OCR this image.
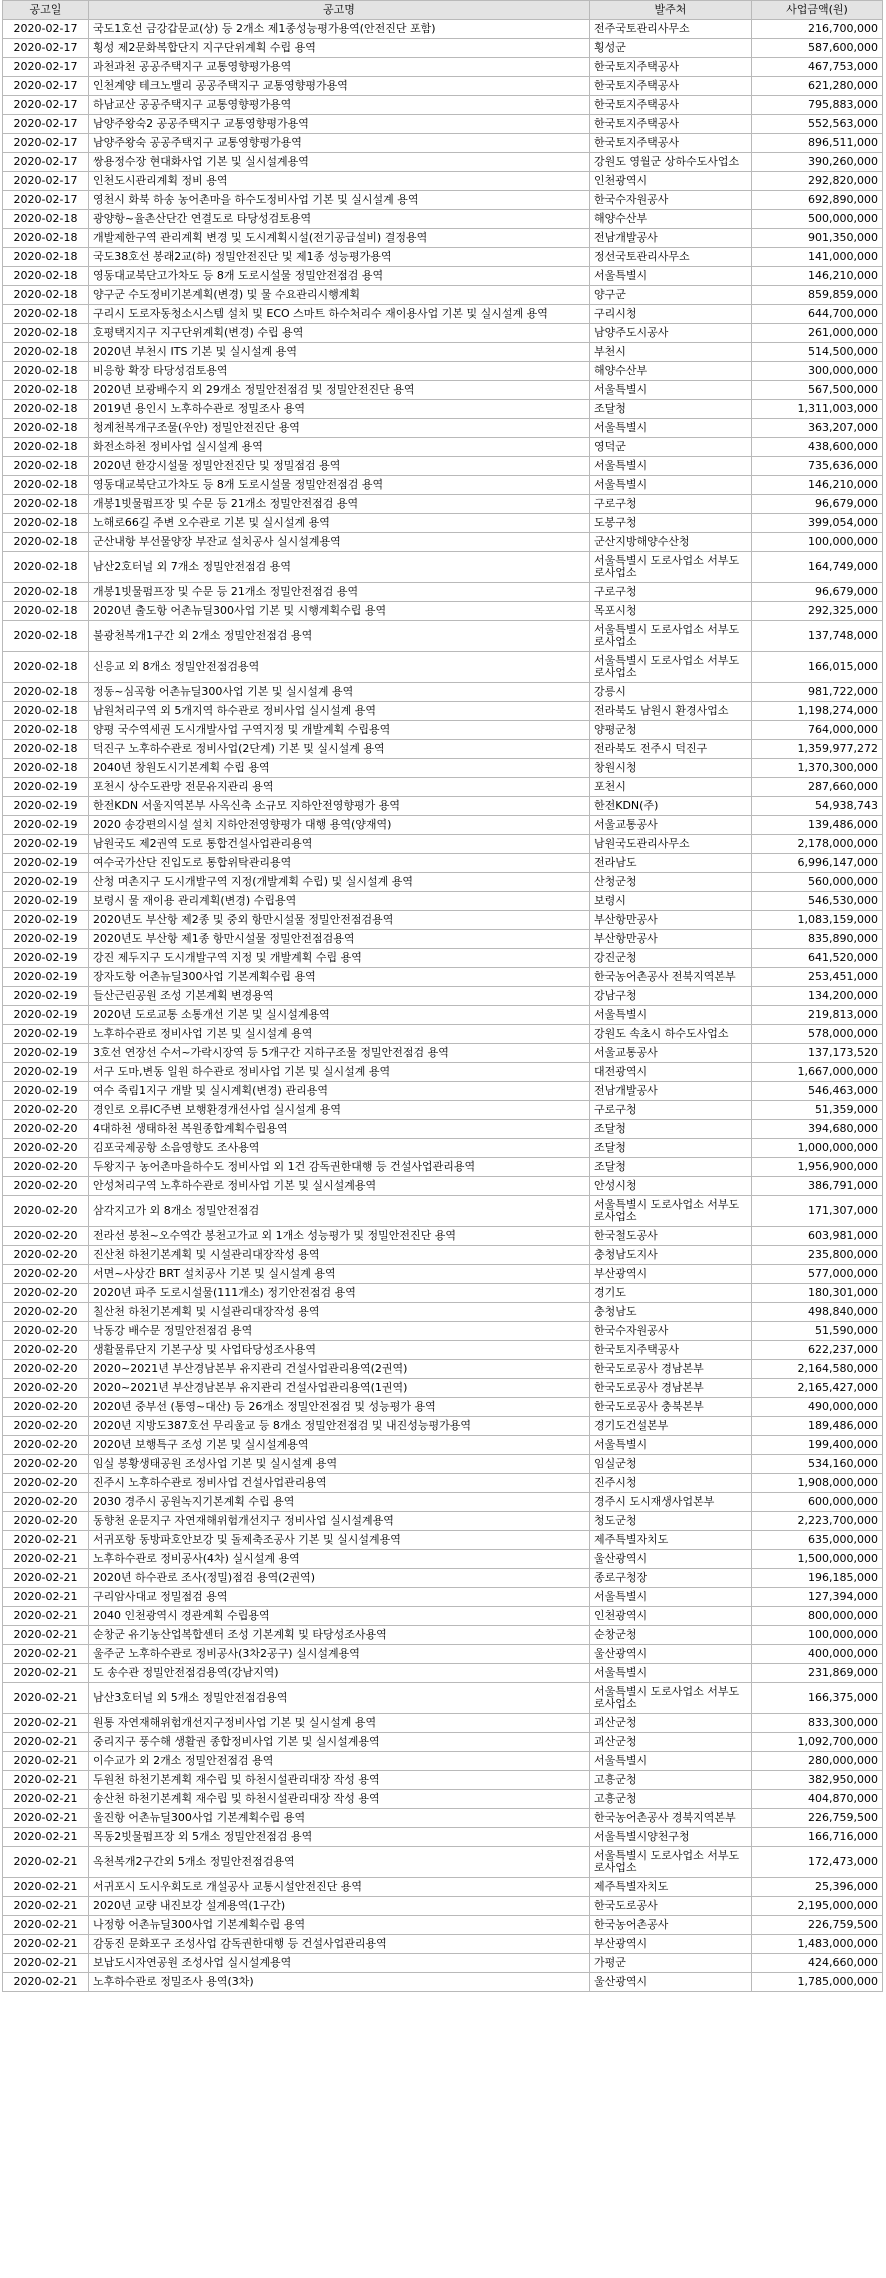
공고일	공고명	발주처	사업금액(원)
2020-02-17	국도1호선 금강갑문교(상) 등 2개소 제1종성능평가용역(안전진단 포함)	전주국토관리사무소	216,700,000
2020-02-17	횡성 제2문화복합단지 지구단위계획 수립 용역	횡성군	587,600,000
2020-02-17	과천과천 공공주택지구 교통영향평가용역	한국토지주택공사	467,753,000
2020-02-17	인천계양 테크노밸리 공공주택지구 교통영향평가용역	한국토지주택공사	621,280,000
2020-02-17	하남교산 공공주택지구 교통영향평가용역	한국토지주택공사	795,883,000
2020-02-17	남양주왕숙2 공공주택지구 교통영향평가용역	한국토지주택공사	552,563,000
2020-02-17	남양주왕숙 공공주택지구 교통영향평가용역	한국토지주택공사	896,511,000
2020-02-17	쌍용정수장 현대화사업 기본 및 실시설계용역	강원도 영월군 상하수도사업소	390,260,000
2020-02-17	인천도시관리계획 정비 용역	인천광역시	292,820,000
2020-02-17	영천시 화북 하송 농어촌마을 하수도정비사업 기본 및 실시설계 용역	한국수자원공사	692,890,000
2020-02-18	광양항~율촌산단간 연결도로 타당성검토용역	해양수산부	500,000,000
2020-02-18	개발제한구역 관리계획 변경 및 도시계획시설(전기공급설비) 결정용역	전남개발공사	901,350,000
2020-02-18	국도38호선 봉래2교(하) 정밀안전진단 및 제1종 성능평가용역	정선국토관리사무소	141,000,000
2020-02-18	영동대교북단고가차도 등 8개 도로시설물 정밀안전점검 용역	서울특별시	146,210,000
2020-02-18	양구군 수도정비기본계획(변경) 및 물 수요관리시행계획	양구군	859,859,000
2020-02-18	구리시 도로자동청소시스템 설치 및 ECO 스마트 하수처리수 재이용사업 기본 및 실시설계 용역	구리시청	644,700,000
2020-02-18	호평택지지구 지구단위계획(변경) 수립 용역	남양주도시공사	261,000,000
2020-02-18	2020년 부천시 ITS 기본 및 실시설계 용역	부천시	514,500,000
2020-02-18	비응항 확장 타당성검토용역	해양수산부	300,000,000
2020-02-18	2020년 보광배수지 외 29개소 정밀안전점검 및 정밀안전진단 용역	서울특별시	567,500,000
2020-02-18	2019년 용인시 노후하수관로 정밀조사 용역	조달청	1,311,003,000
2020-02-18	청계천복개구조물(우안) 정밀안전진단 용역	서울특별시	363,207,000
2020-02-18	화전소하천 정비사업 실시설계 용역	영덕군	438,600,000
2020-02-18	2020년 한강시설물 정밀안전진단 및 정밀점검 용역	서울특별시	735,636,000
2020-02-18	영동대교북단고가차도 등 8개 도로시설물 정밀안전점검 용역	서울특별시	146,210,000
2020-02-18	개봉1빗물펌프장 및 수문 등 21개소 정밀안전점검 용역	구로구청	96,679,000
2020-02-18	노해로66길 주변 오수관로 기본 및 실시설계 용역	도봉구청	399,054,000
2020-02-18	군산내항 부선물양장 부잔교 설치공사 실시설계용역	군산지방해양수산청	100,000,000
2020-02-18	남산2호터널 외 7개소 정밀안전점검 용역	서울특별시 도로사업소 서부도로사업소	164,749,000
2020-02-18	개봉1빗물펌프장 및 수문 등 21개소 정밀안전점검 용역	구로구청	96,679,000
2020-02-18	2020년 출도항 어촌뉴딜300사업 기본 및 시행계획수립 용역	목포시청	292,325,000
2020-02-18	불광천복개1구간 외 2개소 정밀안전점검 용역	서울특별시 도로사업소 서부도로사업소	137,748,000
2020-02-18	신응교 외 8개소 정밀안전점검용역	서울특별시 도로사업소 서부도로사업소	166,015,000
2020-02-18	정동~심곡항 어촌뉴딜300사업 기본 및 실시설계 용역	강릉시	981,722,000
2020-02-18	남원처리구역 외 5개지역 하수관로 정비사업 실시설계 용역	전라북도 남원시 환경사업소	1,198,274,000
2020-02-18	양평 국수역세권 도시개발사업 구역지정 및 개발계획 수립용역	양평군청	764,000,000
2020-02-18	덕진구 노후하수관로 정비사업(2단계) 기본 및 실시설계 용역	전라북도 전주시 덕진구	1,359,977,272
2020-02-18	2040년 창원도시기본계획 수립 용역	창원시청	1,370,300,000
2020-02-19	포천시 상수도관망 전문유지관리 용역	포천시	287,660,000
2020-02-19	한전KDN 서울지역본부 사옥신축 소규모 지하안전영향평가 용역	한전KDN(주)	54,938,743
2020-02-19	2020 송강편의시설 설치 지하안전영향평가 대행 용역(양재역)	서울교통공사	139,486,000
2020-02-19	남원국도 제2권역 도로 통합건설사업관리용역	남원국도관리사무소	2,178,000,000
2020-02-19	여수국가산단 진입도로 통합위탁관리용역	전라남도	6,996,147,000
2020-02-19	산청 며촌지구 도시개발구역 지정(개발계획 수립) 및 실시설계 용역	산청군청	560,000,000
2020-02-19	보령시 물 재이용 관리계획(변경) 수립용역	보령시	546,530,000
2020-02-19	2020년도 부산항 제2종 및 중외 항만시설물 정밀안전점검용역	부산항만공사	1,083,159,000
2020-02-19	2020년도 부산항 제1종 항만시설물 정밀안전점검용역	부산항만공사	835,890,000
2020-02-19	강진 제두지구 도시개발구역 지정 및 개발계획 수립 용역	강진군청	641,520,000
2020-02-19	장자도항 어촌뉴딜300사업 기본계획수립 용역	한국농어촌공사 전북지역본부	253,451,000
2020-02-19	들산근린공원 조성 기본계획 변경용역	강남구청	134,200,000
2020-02-19	2020년 도로교통 소통개선 기본 및 실시설계용역	서울특별시	219,813,000
2020-02-19	노후하수관로 정비사업 기본 및 실시설계 용역	강원도 속초시 하수도사업소	578,000,000
2020-02-19	3호선 연장선 수서~가락시장역 등 5개구간 지하구조물 정밀안전점검 용역	서울교통공사	137,173,520
2020-02-19	서구 도마,변동 일원 하수관로 정비사업 기본 및 실시설계 용역	대전광역시	1,667,000,000
2020-02-19	여수 죽림1지구 개발 및 실시계획(변경) 관리용역	전남개발공사	546,463,000
2020-02-20	경인로 오류IC주변 보행환경개선사업 실시설계 용역	구로구청	51,359,000
2020-02-20	4대하천 생태하천 복원종합계획수립용역	조달청	394,680,000
2020-02-20	김포국제공항 소음영향도 조사용역	조달청	1,000,000,000
2020-02-20	두왕지구 농어촌마을하수도 정비사업 외 1건 감독권한대행 등 건설사업관리용역	조달청	1,956,900,000
2020-02-20	안성처리구역 노후하수관로 정비사업 기본 및 실시설계용역	안성시청	386,791,000
2020-02-20	삼각지고가 외 8개소 정밀안전점검	서울특별시 도로사업소 서부도로사업소	171,307,000
2020-02-20	전라선 봉천~오수역간 봉천고가교 외 1개소 성능평가 및 정밀안전진단 용역	한국철도공사	603,981,000
2020-02-20	진산천 하천기본계획 및 시설관리대장작성 용역	충청남도지사	235,800,000
2020-02-20	서면~사상간 BRT 설치공사 기본 및 실시설계 용역	부산광역시	577,000,000
2020-02-20	2020년 파주 도로시설물(111개소) 정기안전점검 용역	경기도	180,301,000
2020-02-20	칠산천 하천기본계획 및 시설관리대장작성 용역	충청남도	498,840,000
2020-02-20	낙동강 배수문 정밀안전점검 용역	한국수자원공사	51,590,000
2020-02-20	생활물류단지 기본구상 및 사업타당성조사용역	한국토지주택공사	622,237,000
2020-02-20	2020~2021년 부산경남본부 유지관리 건설사업관리용역(2권역)	한국도로공사 경남본부	2,164,580,000
2020-02-20	2020~2021년 부산경남본부 유지관리 건설사업관리용역(1권역)	한국도로공사 경남본부	2,165,427,000
2020-02-20	2020년 중부선 (통영~대산) 등 26개소 정밀안전점검 및 성능평가 용역	한국도로공사 충북본부	490,000,000
2020-02-20	2020년 지방도387호선 무리울교 등 8개소 정밀안전점검 및 내진성능평가용역	경기도건설본부	189,486,000
2020-02-20	2020년 보행특구 조성 기본 및 실시설계용역	서울특별시	199,400,000
2020-02-20	임실 봉황생태공원 조성사업 기본 및 실시설계 용역	임실군청	534,160,000
2020-02-20	진주시 노후하수관로 정비사업 건설사업관리용역	진주시청	1,908,000,000
2020-02-20	2030 경주시 공원녹지기본계획 수립 용역	경주시 도시재생사업본부	600,000,000
2020-02-20	동향천 운문지구 자연재해위험개선지구 정비사업 실시설계용역	청도군청	2,223,700,000
2020-02-21	서귀포항 동방파호안보강 및 돌제축조공사 기본 및 실시설계용역	제주특별자치도	635,000,000
2020-02-21	노후하수관로 정비공사(4차) 실시설계 용역	울산광역시	1,500,000,000
2020-02-21	2020년 하수관로 조사(정밀)점검 용역(2권역)	종로구청장	196,185,000
2020-02-21	구리암사대교 정밀점검 용역	서울특별시	127,394,000
2020-02-21	2040 인천광역시 경관계획 수립용역	인천광역시	800,000,000
2020-02-21	순창군 유기농산업복합센터 조성 기본계획 및 타당성조사용역	순창군청	100,000,000
2020-02-21	울주군 노후하수관로 정비공사(3차2공구) 실시설계용역	울산광역시	400,000,000
2020-02-21	도 송수관 정밀안전점검용역(강남지역)	서울특별시	231,869,000
2020-02-21	남산3호터널 외 5개소 정밀안전점검용역	서울특별시 도로사업소 서부도로사업소	166,375,000
2020-02-21	원통 자연재해위험개선지구정비사업 기본 및 실시설계 용역	괴산군청	833,300,000
2020-02-21	중리지구 풍수해 생활권 종합정비사업 기본 및 실시설계용역	괴산군청	1,092,700,000
2020-02-21	이수교가 외 2개소 정밀안전점검 용역	서울특별시	280,000,000
2020-02-21	두원천 하천기본계획 재수립 및 하천시설관리대장 작성 용역	고흥군청	382,950,000
2020-02-21	송산천 하천기본계획 재수립 및 하천시설관리대장 작성 용역	고흥군청	404,870,000
2020-02-21	울진항 어촌뉴딜300사업 기본계획수립 용역	한국농어촌공사 경북지역본부	226,759,500
2020-02-21	목동2빗물펌프장 외 5개소 정밀안전점검 용역	서울특별시양천구청	166,716,000
2020-02-21	옥천복개2구간외 5개소 정밀안전점검용역	서울특별시 도로사업소 서부도로사업소	172,473,000
2020-02-21	서귀포시 도시우회도로 개설공사 교통시설안전진단 용역	제주특별자치도	25,396,000
2020-02-21	2020년 교량 내진보강 설계용역(1구간)	한국도로공사	2,195,000,000
2020-02-21	나정항 어촌뉴딜300사업 기본계획수립 용역	한국농어촌공사	226,759,500
2020-02-21	감동진 문화포구 조성사업 감독권한대행 등 건설사업관리용역	부산광역시	1,483,000,000
2020-02-21	보납도시자연공원 조성사업 실시설계용역	가평군	424,660,000
2020-02-21	노후하수관로 정밀조사 용역(3차)	울산광역시	1,785,000,000
